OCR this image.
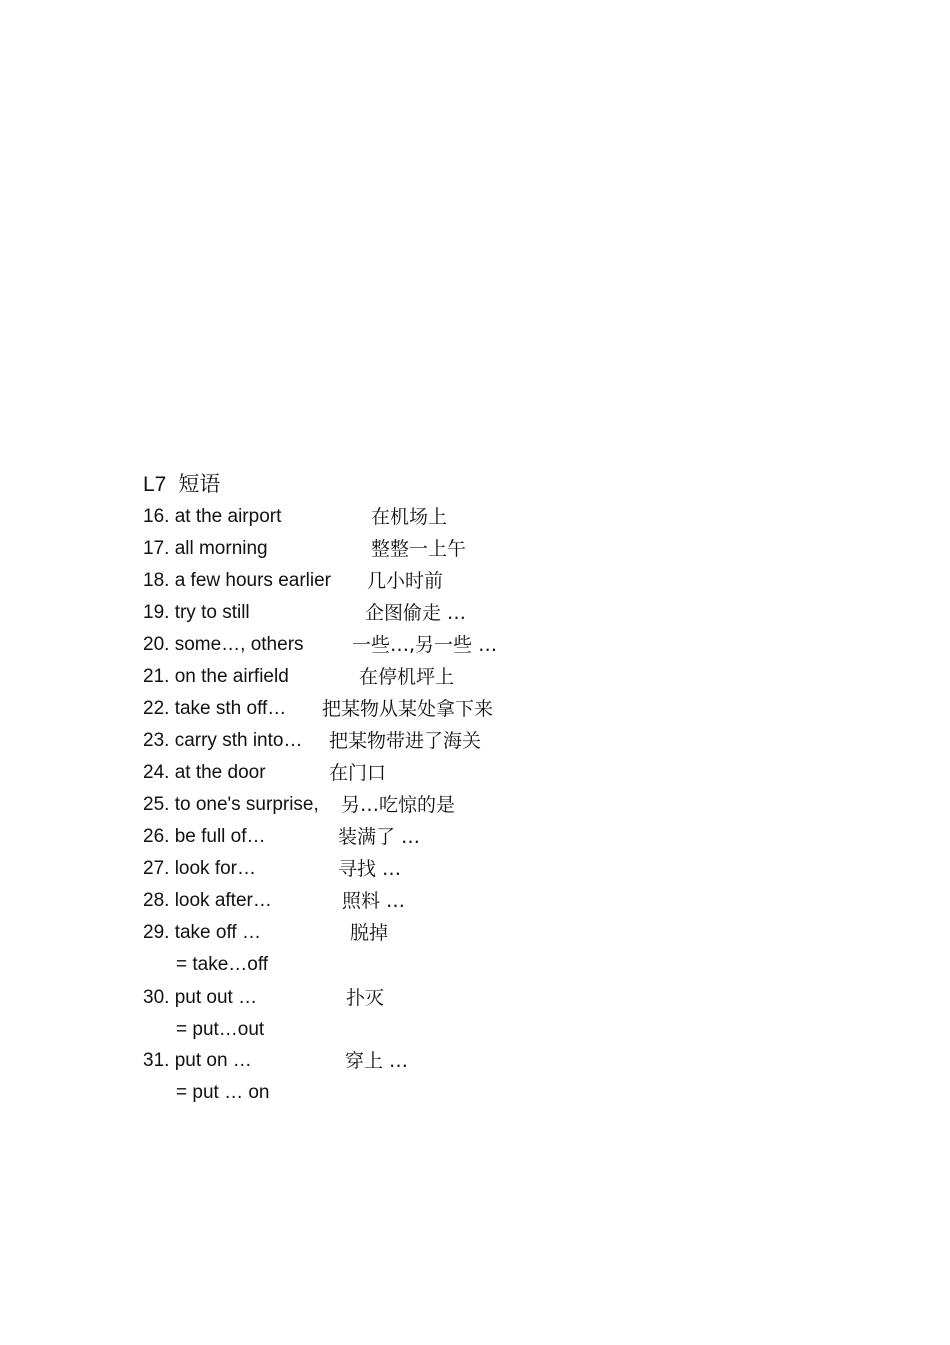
L7 短语
16. at the airport	在机场上
17. all morning	整整一上午
18. a few hours earlier 几小时前
19. try to still	企图偷走 …
20. some…, others	一些…,另一些 …
21. on the airfield	在停机坪上
22. take sth off… 把某物从某处拿下来
23. carry sth into… 把某物带进了海关
24. at the door	在门口
25. to one's surprise, 另…吃惊的是
26. be full of…	装满了 …
27. look for…	寻找 …
28. look after…	照料 …
29. take off …	脱掉
= take…off
30. put out …	扑灭
= put…out
31. put on …	穿上 …
= put … on
